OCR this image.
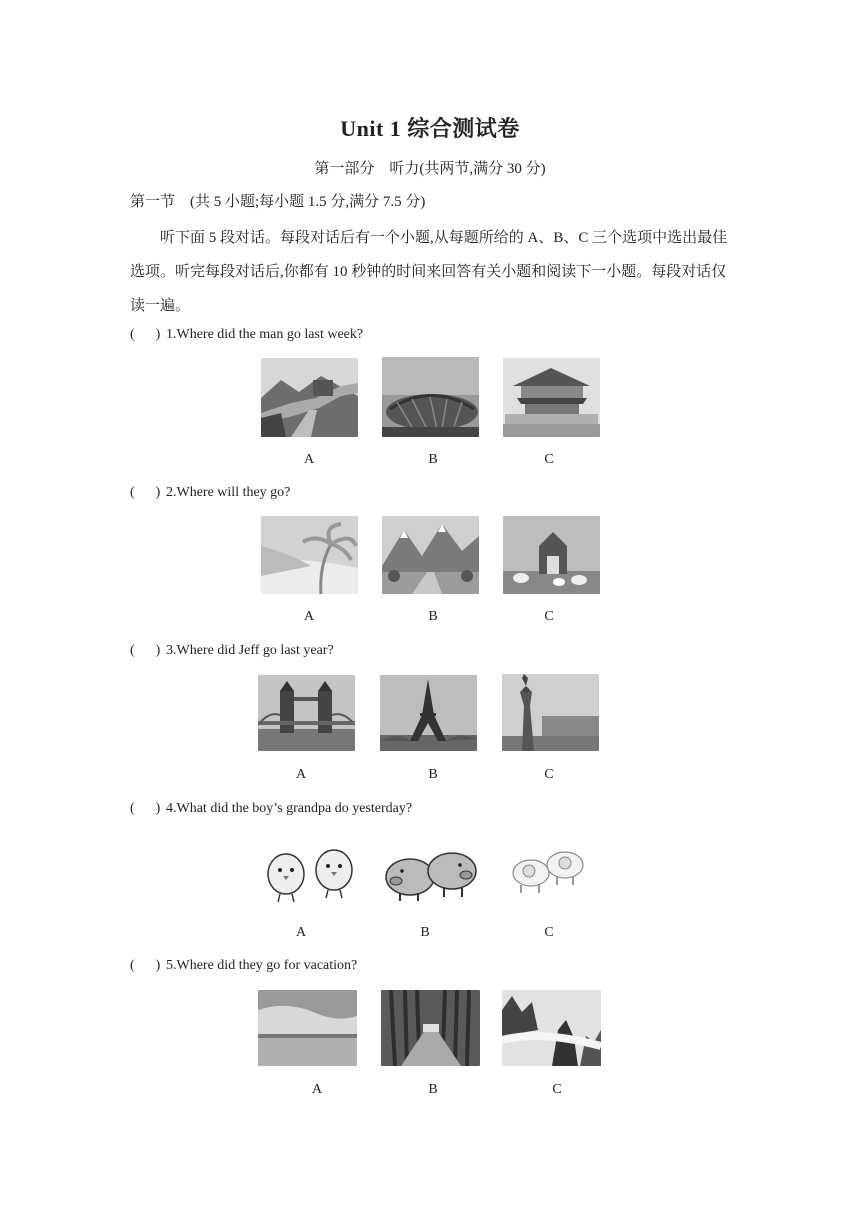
Unit 1 综合测试卷
第一部分　听力(共两节,满分 30 分)
第一节　(共 5 小题;每小题 1.5 分,满分 7.5 分)
听下面 5 段对话。每段对话后有一个小题,从每题所给的 A、B、C 三个选项中选出最佳选项。听完每段对话后,你都有 10 秒钟的时间来回答有关小题和阅读下一小题。每段对话仅读一遍。
( ) 1.Where did the man go last week?
A	B	C
( ) 2.Where will they go?
A	B	C
( ) 3.Where did Jeff go last year?
A	B	C
( ) 4.What did the boy’s grandpa do yesterday?
A	B	C
( ) 5.Where did they go for vacation?
A	B	C
